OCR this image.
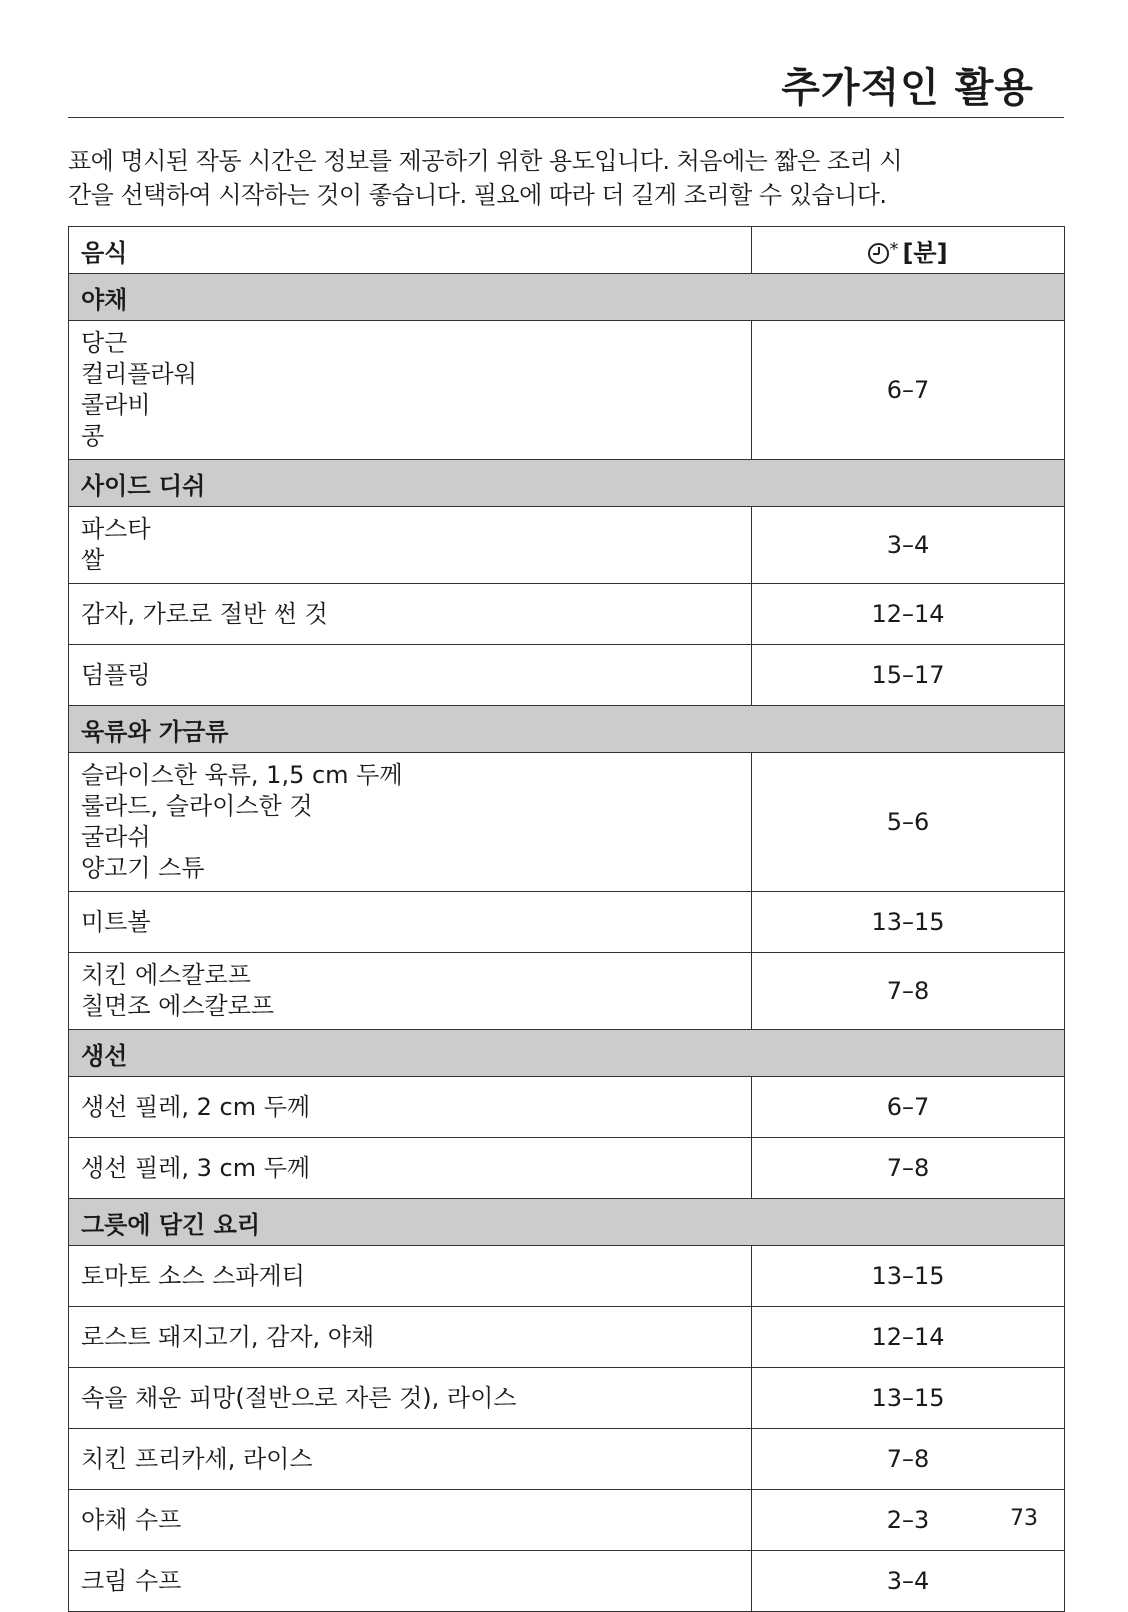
추가적인 활용
표에 명시된 작동 시간은 정보를 제공하기 위한 용도입니다. 처음에는 짧은 조리 시
간을 선택하여 시작하는 것이 좋습니다. 필요에 따라 더 길게 조리할 수 있습니다.
음식	* [분]
야채	

당근
컬리플라워
콜라비
콩	6–7
사이드 디쉬	

파스타
쌀	3–4

감자, 가로로 절반 썬 것	12–14

덤플링	15–17
육류와 가금류	

슬라이스한 육류, 1,5 cm 두께
룰라드, 슬라이스한 것
굴라쉬
양고기 스튜	5–6

미트볼	13–15

치킨 에스칼로프
칠면조 에스칼로프	7–8
생선	

생선 필레, 2 cm 두께	6–7

생선 필레, 3 cm 두께	7–8
그릇에 담긴 요리	

토마토 소스 스파게티	13–15

로스트 돼지고기, 감자, 야채	12–14

속을 채운 피망(절반으로 자른 것), 라이스	13–15

치킨 프리카세, 라이스	7–8

야채 수프	2–3

크림 수프	3–4
73
